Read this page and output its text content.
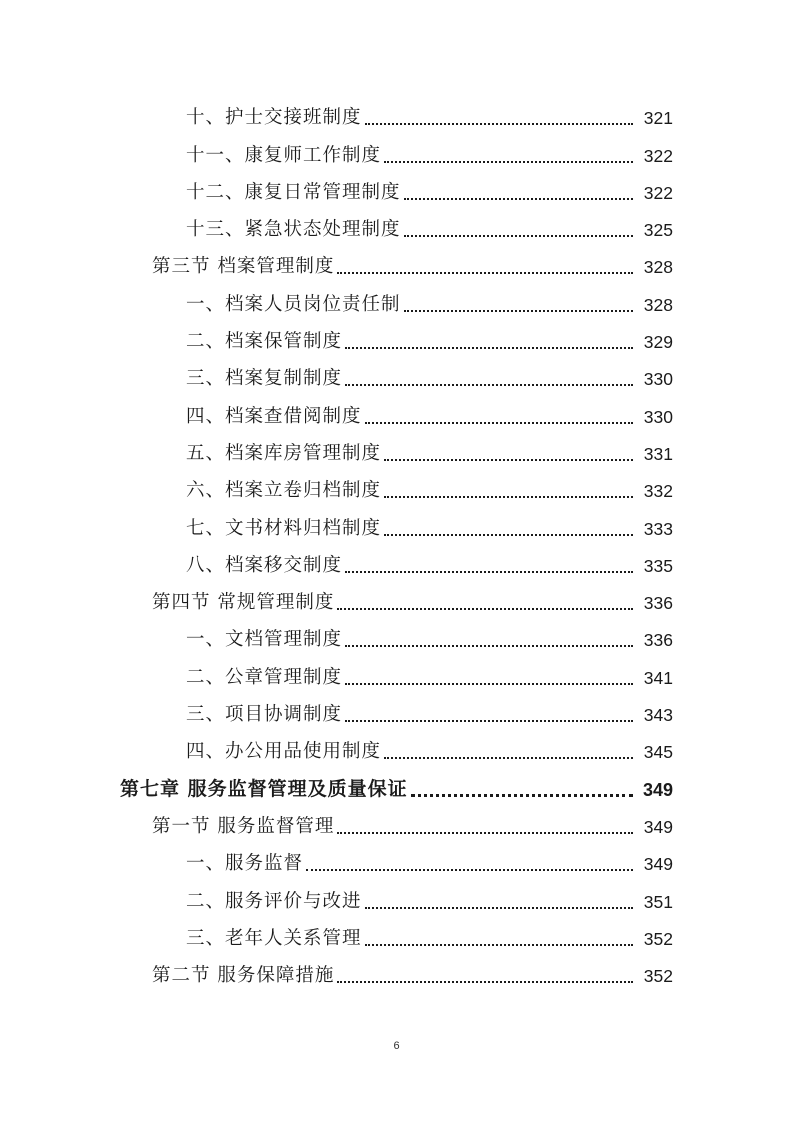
十、护士交接班制度	321
十一、康复师工作制度	322
十二、康复日常管理制度	322
十三、紧急状态处理制度	325
第三节 档案管理制度	328
一、档案人员岗位责任制	328
二、档案保管制度	329
三、档案复制制度	330
四、档案查借阅制度	330
五、档案库房管理制度	331
六、档案立卷归档制度	332
七、文书材料归档制度	333
八、档案移交制度	335
第四节 常规管理制度	336
一、文档管理制度	336
二、公章管理制度	341
三、项目协调制度	343
四、办公用品使用制度	345
第七章 服务监督管理及质量保证	349
第一节 服务监督管理	349
一、服务监督	349
二、服务评价与改进	351
三、老年人关系管理	352
第二节 服务保障措施	352
6
